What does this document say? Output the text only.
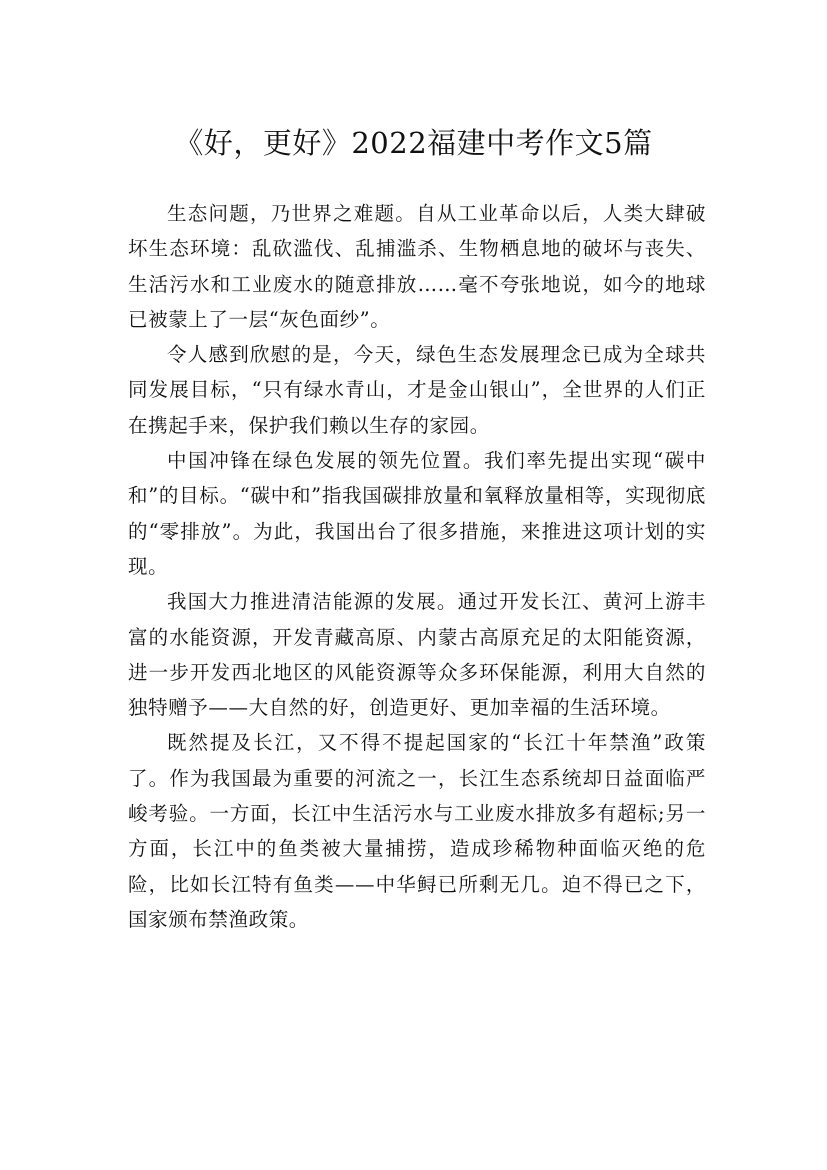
《好，更好》2022福建中考作文5篇

生态问题，乃世界之难题。自从工业革命以后，人类大肆破坏生态环境：乱砍滥伐、乱捕滥杀、生物栖息地的破坏与丧失、生活污水和工业废水的随意排放……毫不夸张地说，如今的地球已被蒙上了一层“灰色面纱”。

令人感到欣慰的是，今天，绿色生态发展理念已成为全球共同发展目标，“只有绿水青山，才是金山银山”，全世界的人们正在携起手来，保护我们赖以生存的家园。

中国冲锋在绿色发展的领先位置。我们率先提出实现“碳中和”的目标。“碳中和”指我国碳排放量和氧释放量相等，实现彻底的“零排放”。为此，我国出台了很多措施，来推进这项计划的实现。

我国大力推进清洁能源的发展。通过开发长江、黄河上游丰富的水能资源，开发青藏高原、内蒙古高原充足的太阳能资源，进一步开发西北地区的风能资源等众多环保能源，利用大自然的独特赠予——大自然的好，创造更好、更加幸福的生活环境。

既然提及长江，又不得不提起国家的“长江十年禁渔”政策了。作为我国最为重要的河流之一，长江生态系统却日益面临严峻考验。一方面，长江中生活污水与工业废水排放多有超标;另一方面，长江中的鱼类被大量捕捞，造成珍稀物种面临灭绝的危险，比如长江特有鱼类——中华鲟已所剩无几。迫不得已之下，国家颁布禁渔政策。
